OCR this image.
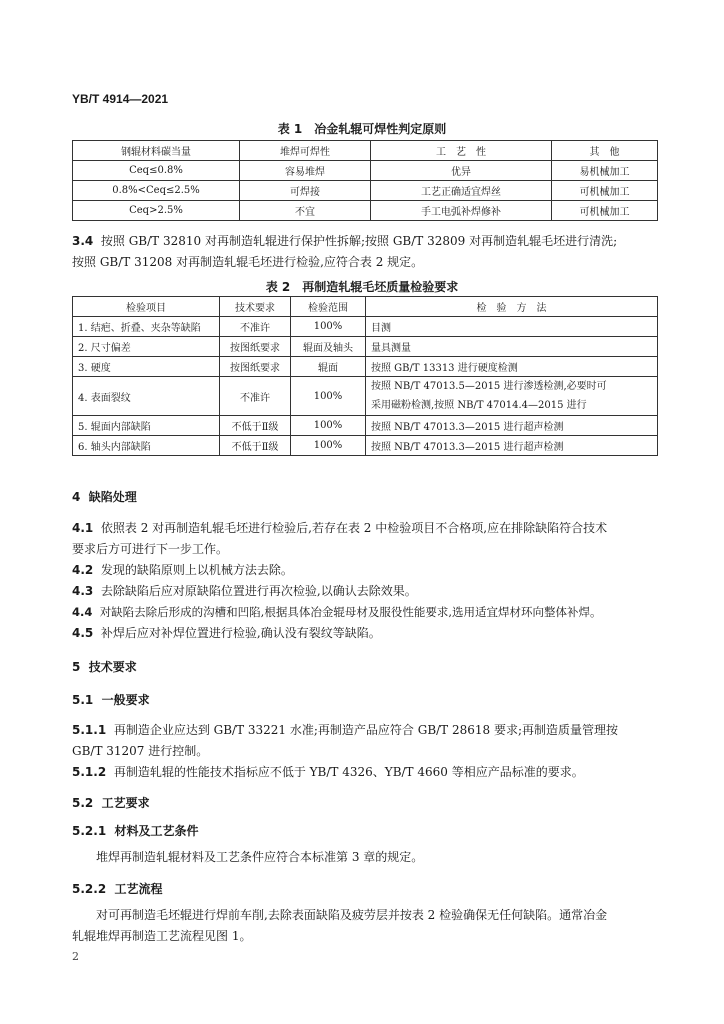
YB/T 4914—2021
表 1　冶金轧辊可焊性判定原则
钢辊材料碳当量	堆焊可焊性	工　艺　性	其　他
Ceq≤0.8%	容易堆焊	优异	易机械加工
0.8%<Ceq≤2.5%	可焊接	工艺正确适宜焊丝	可机械加工
Ceq>2.5%	不宜	手工电弧补焊修补	可机械加工
3.4 按照 GB/T 32810 对再制造轧辊进行保护性拆解;按照 GB/T 32809 对再制造轧辊毛坯进行清洗;
按照 GB/T 31208 对再制造轧辊毛坯进行检验,应符合表 2 规定。
表 2　再制造轧辊毛坯质量检验要求
检验项目	技术要求	检验范围	检　验　方　法
1. 结疤、折叠、夹杂等缺陷	不准许	100%	目测
2. 尺寸偏差	按图纸要求	辊面及轴头	量具测量
3. 硬度	按图纸要求	辊面	按照 GB/T 13313 进行硬度检测
4. 表面裂纹	不准许	100%	按照 NB/T 47013.5—2015 进行渗透检测,必要时可
采用磁粉检测,按照 NB/T 47014.4—2015 进行

5. 辊面内部缺陷	不低于Ⅱ级	100%	按照 NB/T 47013.3—2015 进行超声检测
6. 轴头内部缺陷	不低于Ⅱ级	100%	按照 NB/T 47013.3—2015 进行超声检测
4 缺陷处理
4.1 依照表 2 对再制造轧辊毛坯进行检验后,若存在表 2 中检验项目不合格项,应在排除缺陷符合技术
要求后方可进行下一步工作。
4.2 发现的缺陷原则上以机械方法去除。
4.3 去除缺陷后应对原缺陷位置进行再次检验,以确认去除效果。
4.4 对缺陷去除后形成的沟槽和凹陷,根据具体冶金辊母材及服役性能要求,选用适宜焊材环向整体补焊。
4.5 补焊后应对补焊位置进行检验,确认没有裂纹等缺陷。
5 技术要求
5.1 一般要求
5.1.1 再制造企业应达到 GB/T 33221 水准;再制造产品应符合 GB/T 28618 要求;再制造质量管理按
GB/T 31207 进行控制。
5.1.2 再制造轧辊的性能技术指标应不低于 YB/T 4326、YB/T 4660 等相应产品标准的要求。
5.2 工艺要求
5.2.1 材料及工艺条件
堆焊再制造轧辊材料及工艺条件应符合本标准第 3 章的规定。
5.2.2 工艺流程
对可再制造毛坯辊进行焊前车削,去除表面缺陷及疲劳层并按表 2 检验确保无任何缺陷。通常冶金
轧辊堆焊再制造工艺流程见图 1。
2
